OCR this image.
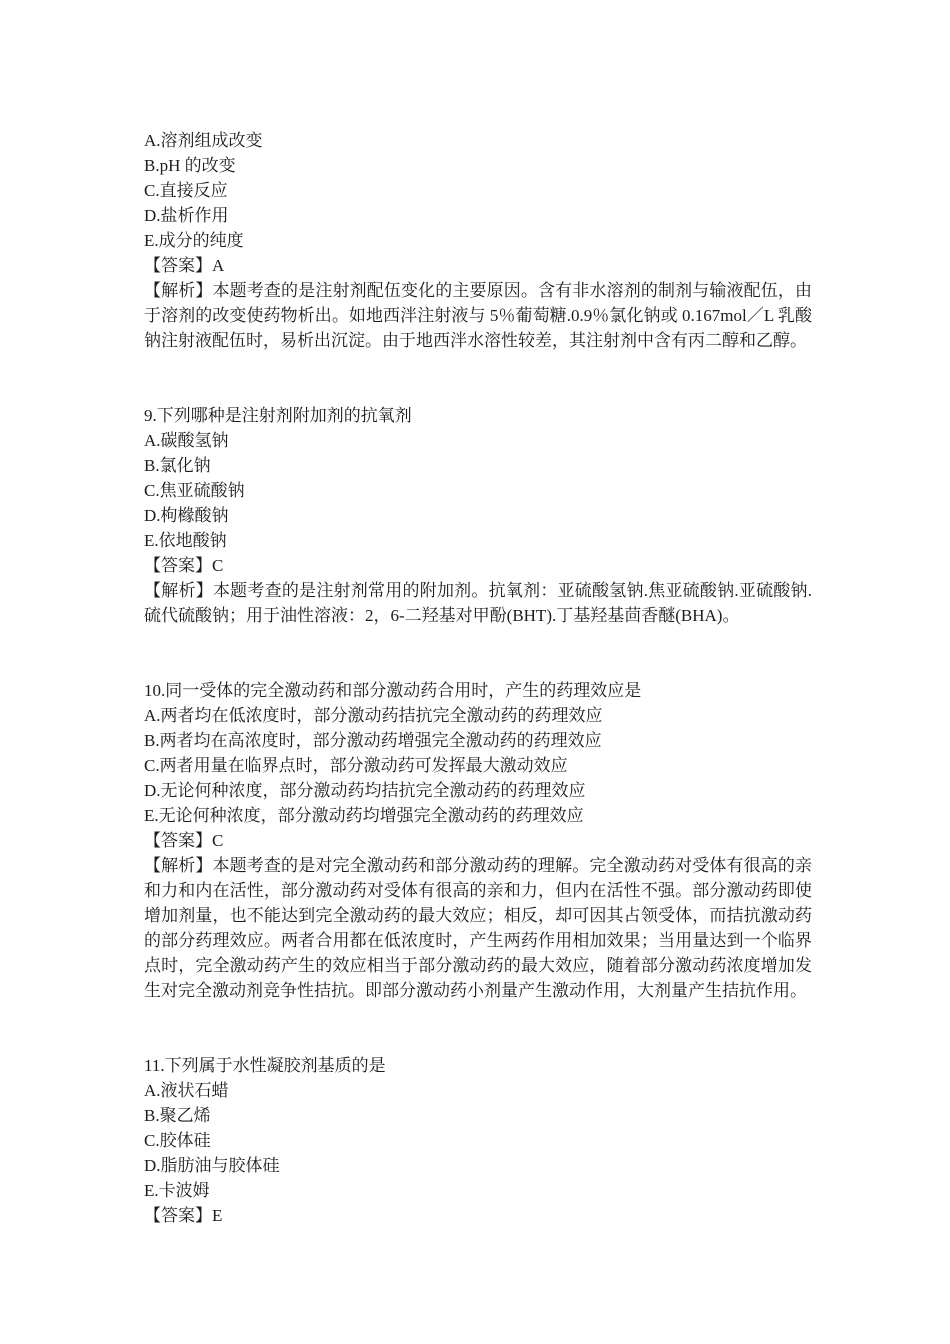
A.溶剂组成改变

B.pH 的改变

C.直接反应

D.盐析作用

E.成分的纯度

【答案】A

【解析】本题考查的是注射剂配伍变化的主要原因。含有非水溶剂的制剂与输液配伍，由于溶剂的改变使药物析出。如地西泮注射液与 5％葡萄糖.0.9％氯化钠或 0.167mol／L 乳酸钠注射液配伍时，易析出沉淀。由于地西泮水溶性较差，其注射剂中含有丙二醇和乙醇。

9.下列哪种是注射剂附加剂的抗氧剂

A.碳酸氢钠

B.氯化钠

C.焦亚硫酸钠

D.枸橼酸钠

E.依地酸钠

【答案】C

【解析】本题考查的是注射剂常用的附加剂。抗氧剂：亚硫酸氢钠.焦亚硫酸钠.亚硫酸钠.硫代硫酸钠；用于油性溶液：2，6-二羟基对甲酚(BHT).丁基羟基茴香醚(BHA)。

10.同一受体的完全激动药和部分激动药合用时，产生的药理效应是

A.两者均在低浓度时，部分激动药拮抗完全激动药的药理效应

B.两者均在高浓度时，部分激动药增强完全激动药的药理效应

C.两者用量在临界点时，部分激动药可发挥最大激动效应

D.无论何种浓度，部分激动药均拮抗完全激动药的药理效应

E.无论何种浓度，部分激动药均增强完全激动药的药理效应

【答案】C

【解析】本题考查的是对完全激动药和部分激动药的理解。完全激动药对受体有很高的亲和力和内在活性，部分激动药对受体有很高的亲和力，但内在活性不强。部分激动药即使增加剂量，也不能达到完全激动药的最大效应；相反，却可因其占领受体，而拮抗激动药的部分药理效应。两者合用都在低浓度时，产生两药作用相加效果；当用量达到一个临界点时，完全激动药产生的效应相当于部分激动药的最大效应，随着部分激动药浓度增加发生对完全激动剂竞争性拮抗。即部分激动药小剂量产生激动作用，大剂量产生拮抗作用。

11.下列属于水性凝胶剂基质的是

A.液状石蜡

B.聚乙烯

C.胶体硅

D.脂肪油与胶体硅

E.卡波姆

【答案】E
